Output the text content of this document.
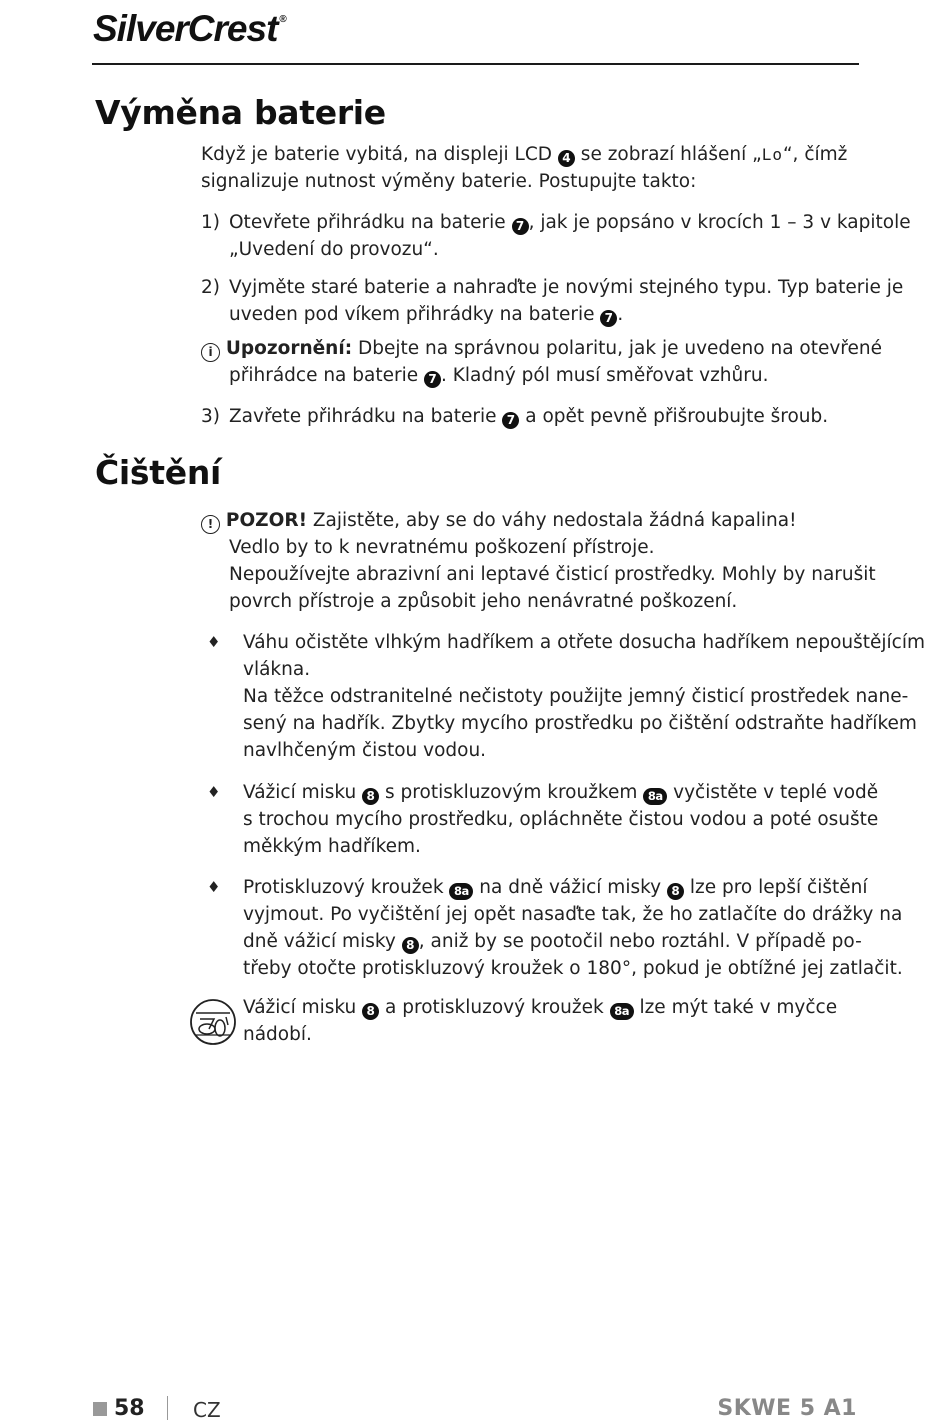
SilverCrest ®
Výměna baterie
Když je baterie vybitá, na displeji LCD 4 se zobrazí hlášení „Lo“, čímž
signalizuje nutnost výměny baterie. Postupujte takto:
1) Otevřete přihrádku na baterie 7 , jak je popsáno v krocích 1 – 3 v kapitole
„Uvedení do provozu“.
2) Vyjměte staré baterie a nahraďte je novými stejného typu. Typ baterie je
uveden pod víkem přihrádky na baterie 7 .
i Upozornění: Dbejte na správnou polaritu, jak je uvedeno na otevřené
přihrádce na baterie 7 . Kladný pól musí směřovat vzhůru.
3) Zavřete přihrádku na baterie 7 a opět pevně přišroubujte šroub.
Čištění
! POZOR! Zajistěte, aby se do váhy nedostala žádná kapalina!
Vedlo by to k nevratnému poškození přístroje.
Nepoužívejte abrazivní ani leptavé čisticí prostředky. Mohly by narušit
povrch přístroje a způsobit jeho nenávratné poškození.
♦ Váhu očistěte vlhkým hadříkem a otřete dosucha hadříkem nepouštějícím
vlákna.
Na těžce odstranitelné nečistoty použijte jemný čisticí prostředek nane-
sený na hadřík. Zbytky mycího prostředku po čištění odstraňte hadříkem
navlhčeným čistou vodou.
♦ Vážicí misku 8 s protiskluzovým kroužkem 8a vyčistěte v teplé vodě
s trochou mycího prostředku, opláchněte čistou vodou a poté osušte
měkkým hadříkem.
♦ Protiskluzový kroužek 8a na dně vážicí misky 8 lze pro lepší čištění
vyjmout. Po vyčištění jej opět nasaďte tak, že ho zatlačíte do drážky na
dně vážicí misky 8 , aniž by se pootočil nebo roztáhl. V případě po-
třeby otočte protiskluzový kroužek o 180°, pokud je obtížné jej zatlačit.
Vážicí misku 8 a protiskluzový kroužek 8a lze mýt také v myčce
nádobí.
58 CZ	SKWE 5 A1
